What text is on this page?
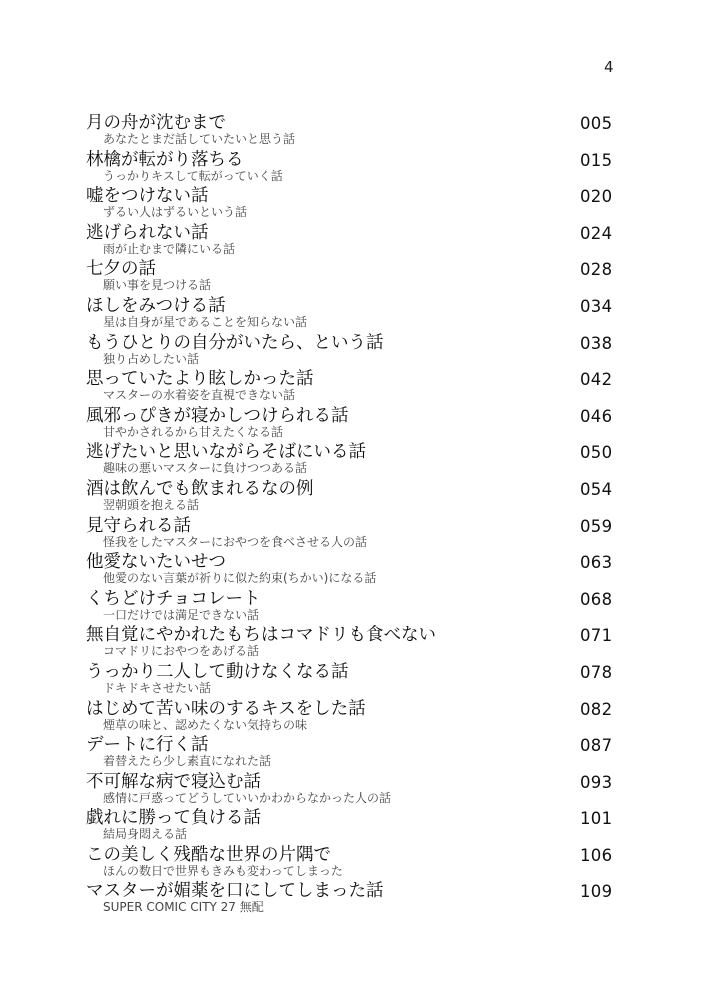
4
月の舟が沈むまで
あなたとまだ話していたいと思う話
005
林檎が転がり落ちる
うっかりキスして転がっていく話
015
嘘をつけない話
ずるい人はずるいという話
020
逃げられない話
雨が止むまで隣にいる話
024
七夕の話
願い事を見つける話
028
ほしをみつける話
星は自身が星であることを知らない話
034
もうひとりの自分がいたら、という話
独り占めしたい話
038
思っていたより眩しかった話
マスターの水着姿を直視できない話
042
風邪っぴきが寝かしつけられる話
甘やかされるから甘えたくなる話
046
逃げたいと思いながらそばにいる話
趣味の悪いマスターに負けつつある話
050
酒は飲んでも飲まれるなの例
翌朝頭を抱える話
054
見守られる話
怪我をしたマスターにおやつを食べさせる人の話
059
他愛ないたいせつ
他愛のない言葉が祈りに似た約束(ちかい)になる話
063
くちどけチョコレート
一口だけでは満足できない話
068
無自覚にやかれたもちはコマドリも食べない
コマドリにおやつをあげる話
071
うっかり二人して動けなくなる話
ドキドキさせたい話
078
はじめて苦い味のするキスをした話
煙草の味と、認めたくない気持ちの味
082
デートに行く話
着替えたら少し素直になれた話
087
不可解な病で寝込む話
感情に戸惑ってどうしていいかわからなかった人の話
093
戯れに勝って負ける話
結局身悶える話
101
この美しく残酷な世界の片隅で
ほんの数日で世界もきみも変わってしまった
106
マスターが媚薬を口にしてしまった話
SUPER COMIC CITY 27 無配
109
